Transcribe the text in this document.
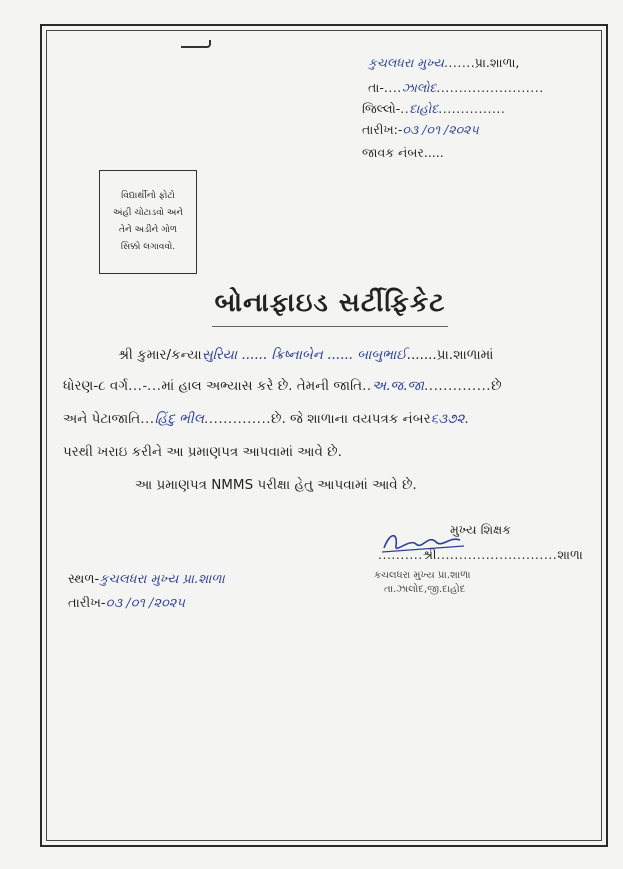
કુચલધરા મુખ્ય.......પ્રા.શાળા,
તા-....ઝાલોદ........................
જિલ્લો-..દાહોદ...............
તારીખ:-૦૩ /૦૧ /૨૦૨૫
જાવક નંબર.....
વિદ્યાર્થીનો ફોટો
અંહી ચોટાડવો અને
તેને અડીને ગોળ
સિક્કો લગાવવો.
બોનાફાઇડ સર્ટીફિકેટ
શ્રી કુમાર/કન્યાસુરિયા ...... ક્રિષ્નાબેન ...... બાબુભાઈ.......પ્રા.શાળામાં
ધોરણ-૮ વર્ગ...-...માં હાલ અભ્યાસ કરે છે. તેમની જાતિ..અ.જ.જા..............છે
અને પેટાજાતિ...હિંદુ ભીલ..............છે. જે શાળાના વયપત્રક નંબર૬૩૭૨.
પરથી ખરાઇ કરીને આ પ્રમાણપત્ર આપવામાં આવે છે.
આ પ્રમાણપત્ર NMMS પરીક્ષા હેતુ આપવામાં આવે છે.
મુખ્ય શિક્ષક
..........શ્રી...........................શાળા
કચલધરા મુખ્ય પ્રા.શાળા
તા.ઝાલોદ,જી.દાહોદ
સ્થળ-કુચલધરા મુખ્ય પ્રા.શાળા
તારીખ-૦૩ /૦૧ /૨૦૨૫
